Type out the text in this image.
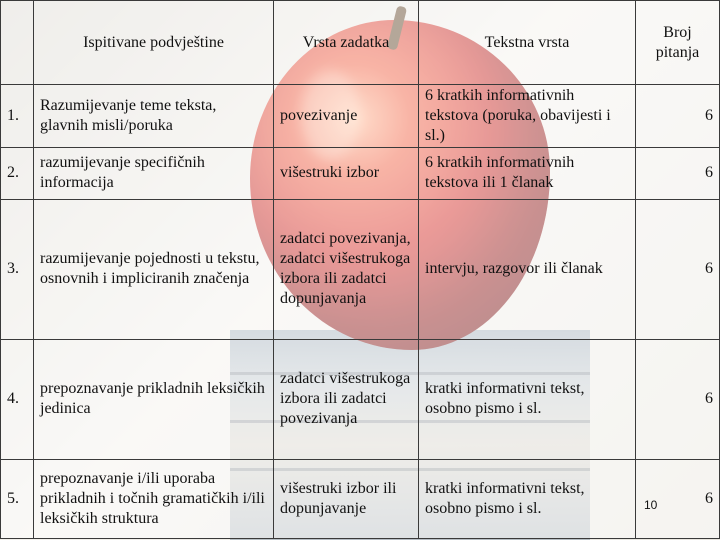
	Ispitivane podvještine	Vrsta zadatka	Tekstna vrsta	Broj pitanja
1.	Razumijevanje teme teksta, glavnih misli/poruka	povezivanje	6 kratkih informativnih tekstova (poruka, obavijesti i sl.)	6
2.	razumijevanje specifičnih informacija	višestruki izbor	6 kratkih informativnih tekstova ili 1 članak	6
3.	razumijevanje pojednosti u tekstu, osnovnih i impliciranih značenja	zadatci povezivanja, zadatci višestrukoga izbora ili zadatci dopunjavanja	intervju, razgovor ili članak	6
4.	prepoznavanje prikladnih leksičkih jedinica	zadatci višestrukoga izbora ili zadatci povezivanja	kratki informativni tekst, osobno pismo i sl.	6
5.	prepoznavanje i/ili uporaba prikladnih i točnih gramatičkih i/ili leksičkih struktura	višestruki izbor ili dopunjavanje	kratki informativni tekst, osobno pismo i sl.	6
10
